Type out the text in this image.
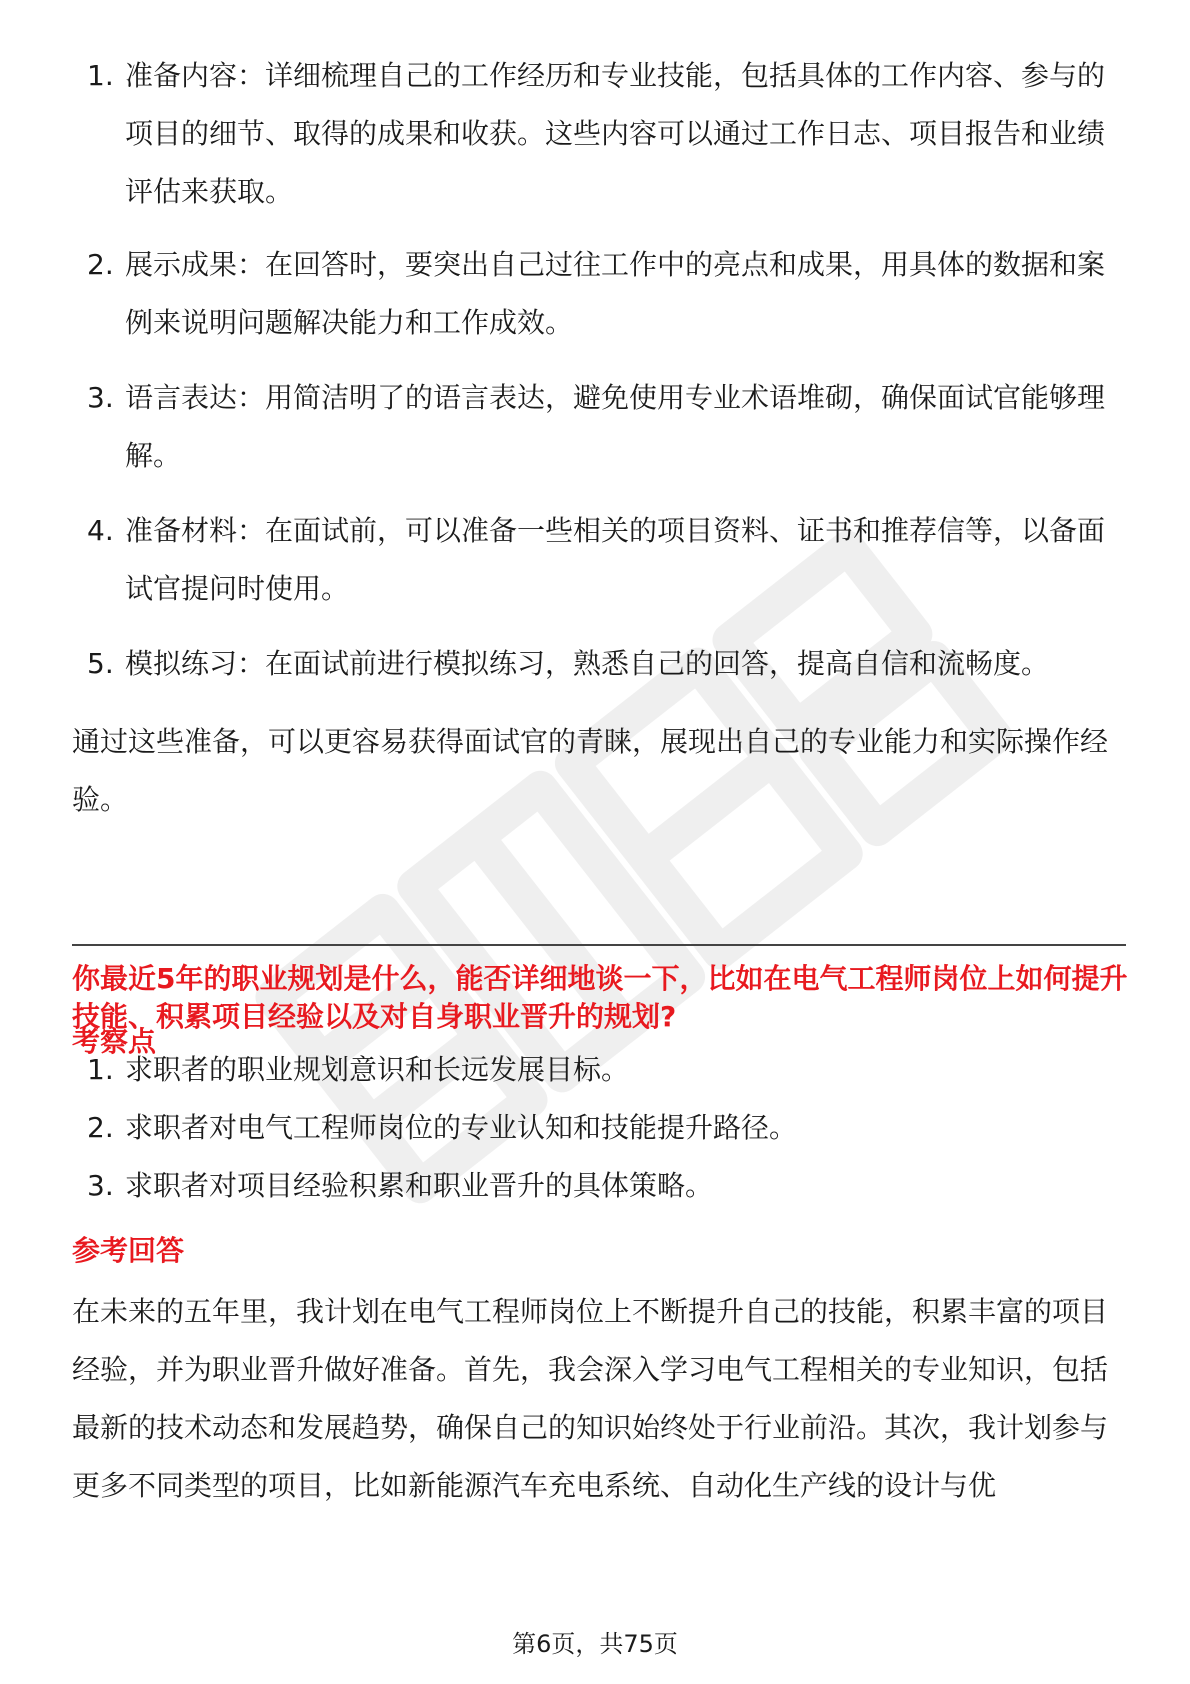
1. 准备内容：详细梳理自己的工作经历和专业技能，包括具体的工作内容、参与的项目的细节、取得的成果和收获。这些内容可以通过工作日志、项目报告和业绩评估来获取。
2. 展示成果：在回答时，要突出自己过往工作中的亮点和成果，用具体的数据和案例来说明问题解决能力和工作成效。
3. 语言表达：用简洁明了的语言表达，避免使用专业术语堆砌，确保面试官能够理解。
4. 准备材料：在面试前，可以准备一些相关的项目资料、证书和推荐信等，以备面试官提问时使用。
5. 模拟练习：在面试前进行模拟练习，熟悉自己的回答，提高自信和流畅度。
通过这些准备，可以更容易获得面试官的青睐，展现出自己的专业能力和实际操作经验。
你最近5年的职业规划是什么，能否详细地谈一下，比如在电气工程师岗位上如何提升技能、积累项目经验以及对自身职业晋升的规划?
考察点
1. 求职者的职业规划意识和长远发展目标。
2. 求职者对电气工程师岗位的专业认知和技能提升路径。
3. 求职者对项目经验积累和职业晋升的具体策略。
参考回答
在未来的五年里，我计划在电气工程师岗位上不断提升自己的技能，积累丰富的项目经验，并为职业晋升做好准备。首先，我会深入学习电气工程相关的专业知识，包括最新的技术动态和发展趋势，确保自己的知识始终处于行业前沿。其次，我计划参与更多不同类型的项目，比如新能源汽车充电系统、自动化生产线的设计与优
第6页，共75页
